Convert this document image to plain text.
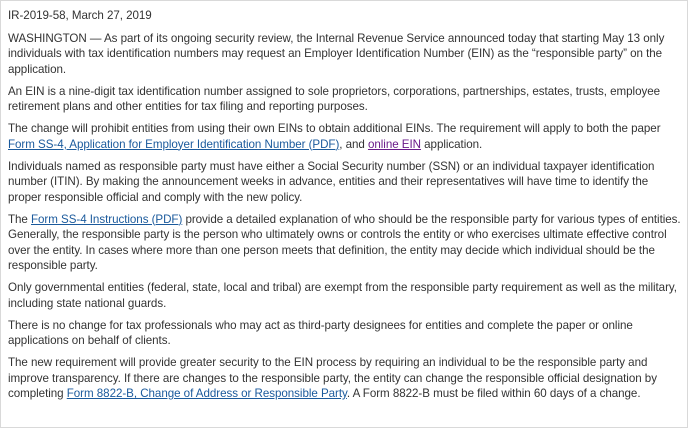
IR-2019-58, March 27, 2019

WASHINGTON — As part of its ongoing security review, the Internal Revenue Service announced today that starting May 13 only individuals with tax identification numbers may request an Employer Identification Number (EIN) as the “responsible party” on the application.

An EIN is a nine-digit tax identification number assigned to sole proprietors, corporations, partnerships, estates, trusts, employee retirement plans and other entities for tax filing and reporting purposes.

The change will prohibit entities from using their own EINs to obtain additional EINs. The requirement will apply to both the paper Form SS-4, Application for Employer Identification Number (PDF), and online EIN application.

Individuals named as responsible party must have either a Social Security number (SSN) or an individual taxpayer identification number (ITIN). By making the announcement weeks in advance, entities and their representatives will have time to identify the proper responsible official and comply with the new policy.

The Form SS-4 Instructions (PDF) provide a detailed explanation of who should be the responsible party for various types of entities. Generally, the responsible party is the person who ultimately owns or controls the entity or who exercises ultimate effective control over the entity. In cases where more than one person meets that definition, the entity may decide which individual should be the responsible party.

Only governmental entities (federal, state, local and tribal) are exempt from the responsible party requirement as well as the military, including state national guards.

There is no change for tax professionals who may act as third-party designees for entities and complete the paper or online applications on behalf of clients.

The new requirement will provide greater security to the EIN process by requiring an individual to be the responsible party and improve transparency. If there are changes to the responsible party, the entity can change the responsible official designation by completing Form 8822-B, Change of Address or Responsible Party. A Form 8822-B must be filed within 60 days of a change.
